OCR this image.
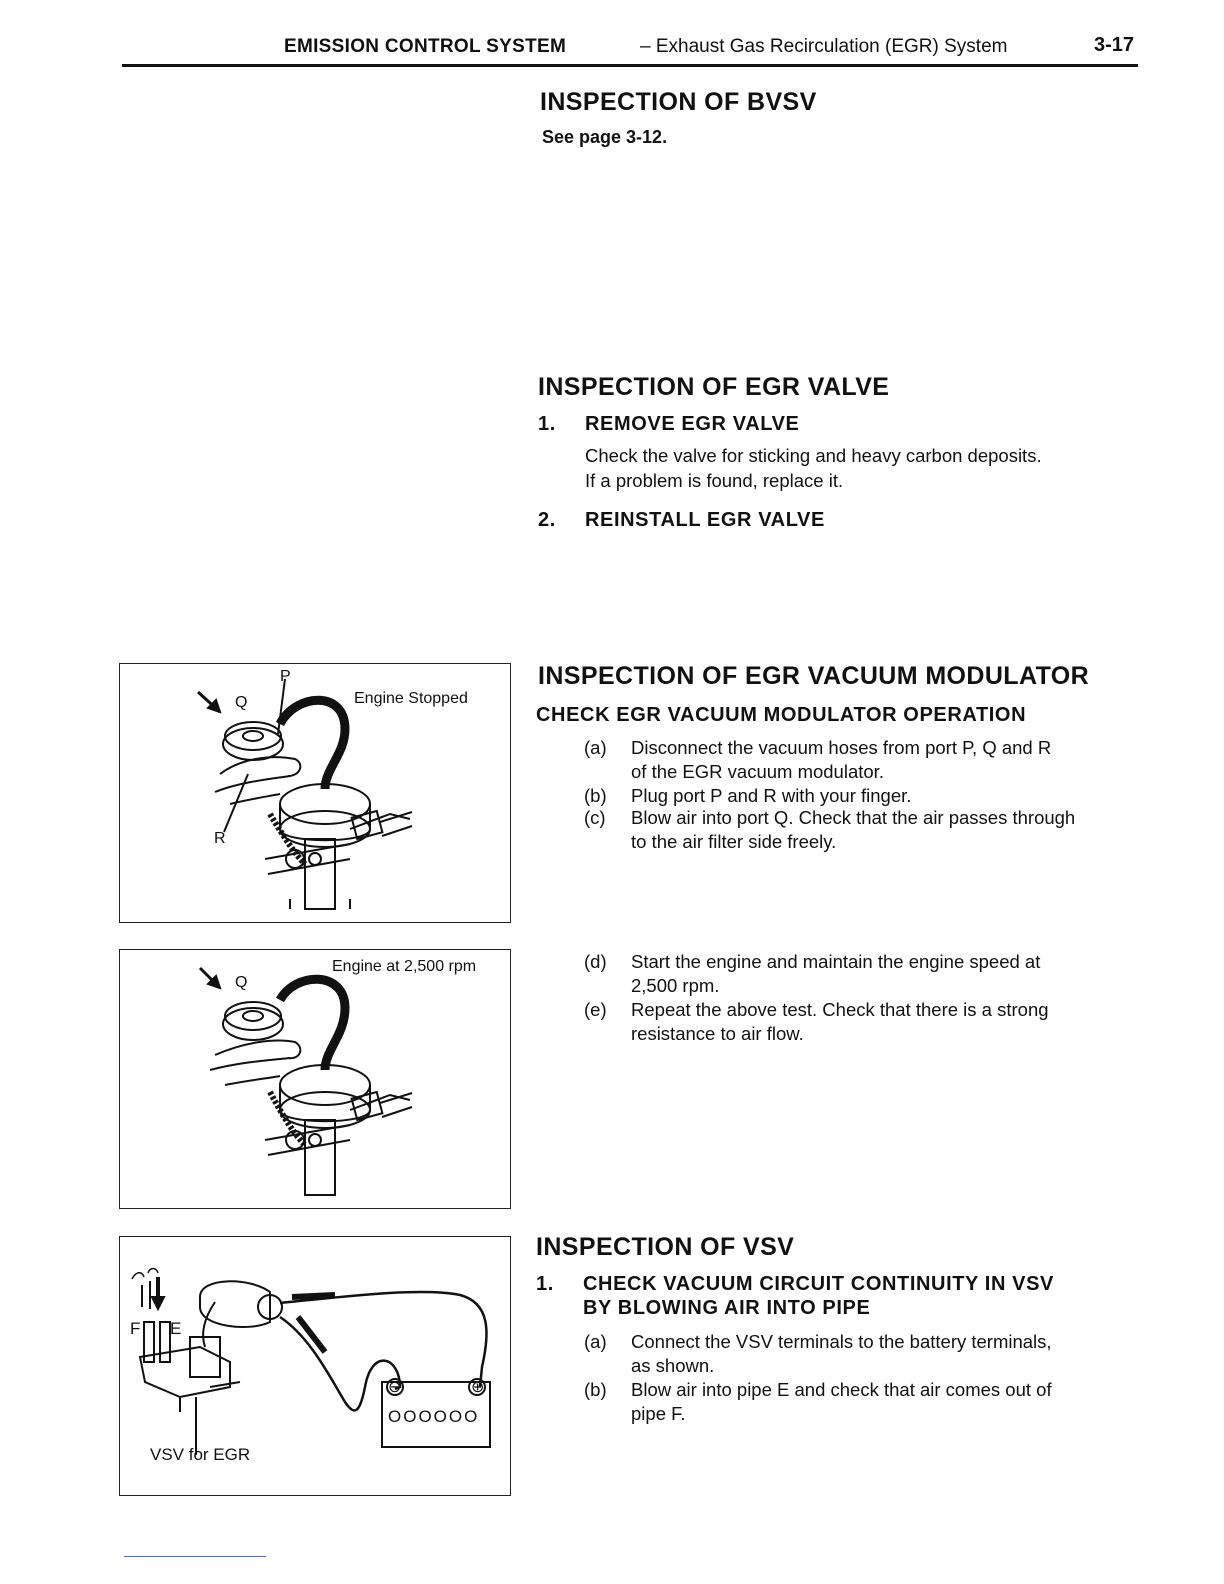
EMISSION CONTROL SYSTEM	– Exhaust Gas Recirculation (EGR) System	3-17
INSPECTION OF BVSV
See page 3-12.
INSPECTION OF EGR VALVE
1. REMOVE EGR VALVE
Check the valve for sticking and heavy carbon deposits.
If a problem is found, replace it.
2. REINSTALL EGR VALVE
INSPECTION OF EGR VACUUM MODULATOR
CHECK EGR VACUUM MODULATOR OPERATION
(a) Disconnect the vacuum hoses from port P, Q and R
of the EGR vacuum modulator.
(b) Plug port P and R with your finger.
(c) Blow air into port Q. Check that the air passes through
to the air filter side freely.
(d) Start the engine and maintain the engine speed at
2,500 rpm.
(e) Repeat the above test. Check that there is a strong
resistance to air flow.
INSPECTION OF VSV
1. CHECK VACUUM CIRCUIT CONTINUITY IN VSV
BY BLOWING AIR INTO PIPE
(a) Connect the VSV terminals to the battery terminals,
as shown.
(b) Blow air into pipe E and check that air comes out of
pipe F.
P
Q
R
Engine Stopped
Q
Engine at 2,500 rpm
F E
⊖	⊕
OOOOOO
VSV for EGR
